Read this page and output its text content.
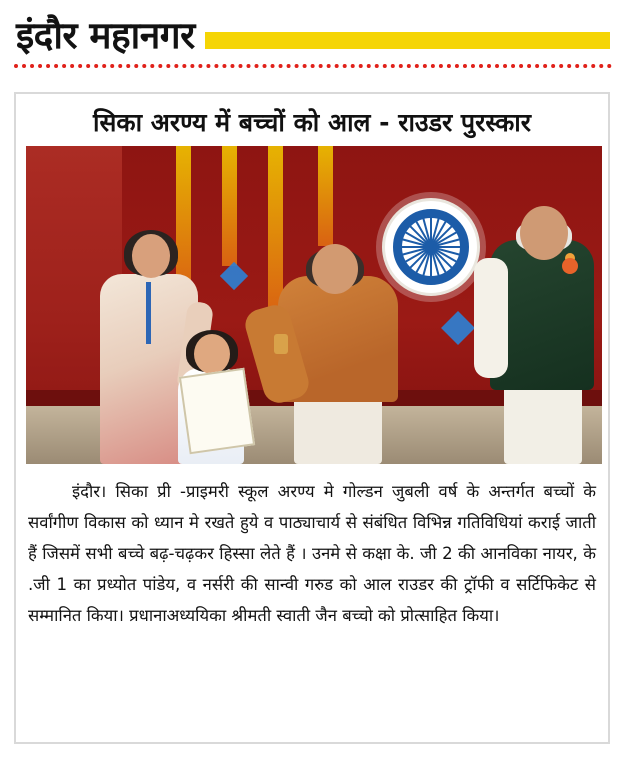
इंदौर महानगर
सिका अरण्य में बच्चों को आल - राउडर पुरस्कार
इंदौर। सिका प्री -प्राइमरी स्कूल अरण्य मे गोल्डन जुबली वर्ष के अन्तर्गत बच्चों के सर्वांगीण विकास को ध्यान मे रखते हुये व पाठ्याचार्य से संबंधित विभिन्न गतिविधियां कराई जाती हैं जिसमें सभी बच्चे बढ़-चढ़कर हिस्सा लेते हैं । उनमे से कक्षा के. जी 2 की आनविका नायर, के .जी 1 का प्रध्योत पांडेय, व नर्सरी की सान्वी गरुड को आल राउडर की ट्रॉफी व सर्टिफिकेट से सम्मानित किया। प्रधानाअध्ययिका श्रीमती स्वाती जैन बच्चो को प्रोत्साहित किया।
